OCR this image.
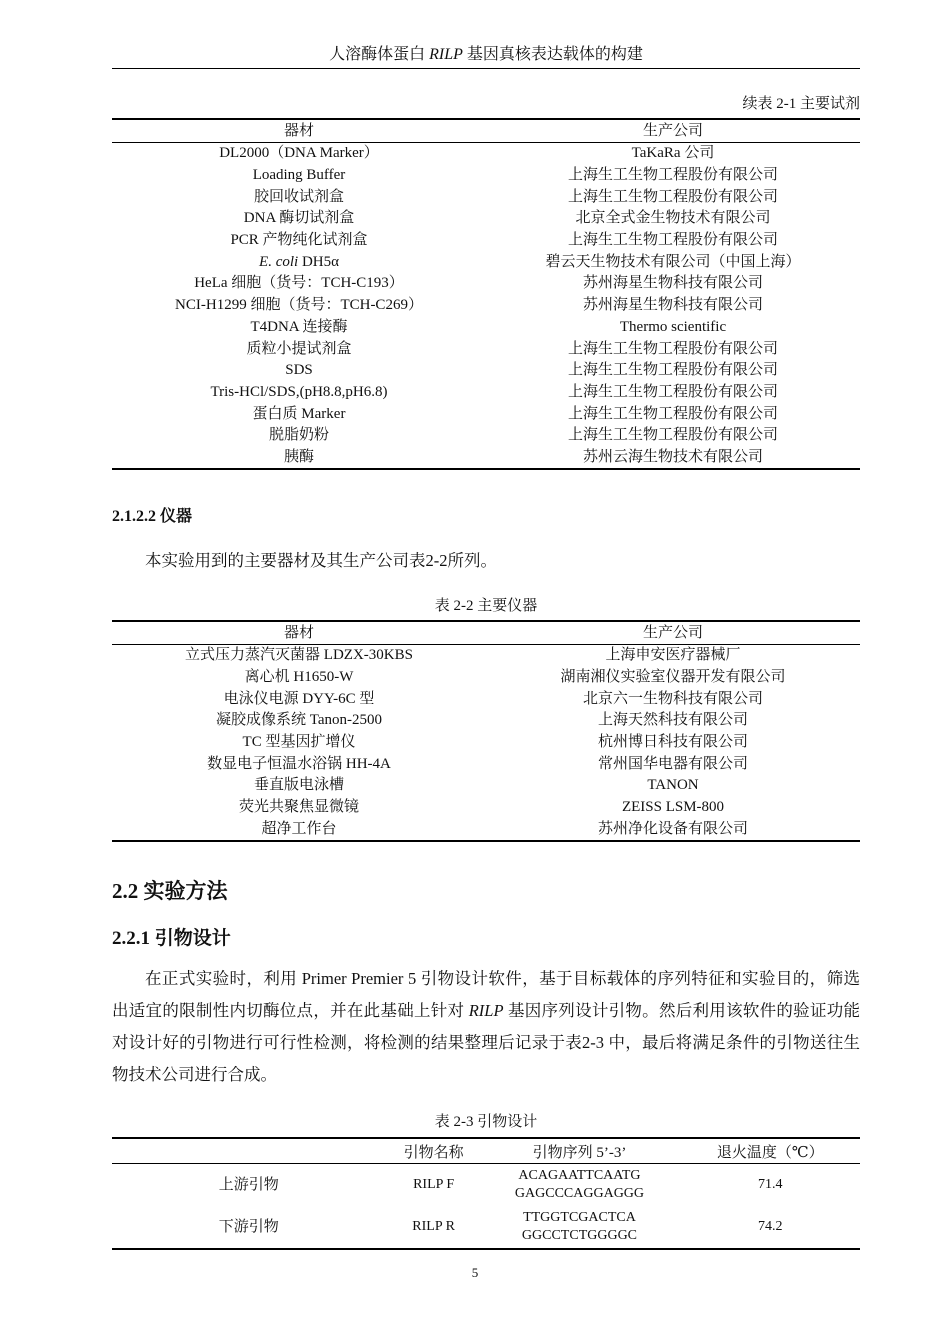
人溶酶体蛋白 RILP 基因真核表达载体的构建
续表 2-1 主要试剂
器材	生产公司
DL2000（DNA Marker）	TaKaRa 公司
Loading Buffer	上海生工生物工程股份有限公司
胶回收试剂盒	上海生工生物工程股份有限公司
DNA 酶切试剂盒	北京全式金生物技术有限公司
PCR 产物纯化试剂盒	上海生工生物工程股份有限公司
E. coli DH5α	碧云天生物技术有限公司（中国上海）
HeLa 细胞（货号：TCH-C193）	苏州海星生物科技有限公司
NCI-H1299 细胞（货号：TCH-C269）	苏州海星生物科技有限公司
T4DNA 连接酶	Thermo scientific
质粒小提试剂盒	上海生工生物工程股份有限公司
SDS	上海生工生物工程股份有限公司
Tris-HCl/SDS,(pH8.8,pH6.8)	上海生工生物工程股份有限公司
蛋白质 Marker	上海生工生物工程股份有限公司
脱脂奶粉	上海生工生物工程股份有限公司
胰酶	苏州云海生物技术有限公司
2.1.2.2 仪器

本实验用到的主要器材及其生产公司表2-2所列。

表 2-2 主要仪器
器材	生产公司
立式压力蒸汽灭菌器 LDZX-30KBS	上海申安医疗器械厂
离心机 H1650-W	湖南湘仪实验室仪器开发有限公司
电泳仪电源 DYY-6C 型	北京六一生物科技有限公司
凝胶成像系统 Tanon-2500	上海天然科技有限公司
TC 型基因扩增仪	杭州博日科技有限公司
数显电子恒温水浴锅 HH-4A	常州国华电器有限公司
垂直版电泳槽	TANON
荧光共聚焦显微镜	ZEISS LSM-800
超净工作台	苏州净化设备有限公司
2.2 实验方法
2.2.1 引物设计

在正式实验时，利用 Primer Premier 5 引物设计软件，基于目标载体的序列特征和实验目的，筛选出适宜的限制性内切酶位点，并在此基础上针对 RILP 基因序列设计引物。然后利用该软件的验证功能对设计好的引物进行可行性检测，将检测的结果整理后记录于表2-3 中，最后将满足条件的引物送往生物技术公司进行合成。

表 2-3 引物设计
	引物名称	引物序列 5’-3’	退火温度（℃）
上游引物	RILP F	ACAGAATTCAATG
GAGCCCAGGAGGG	71.4
下游引物	RILP R	TTGGTCGACTCA
GGCCTCTGGGGC	74.2
5
